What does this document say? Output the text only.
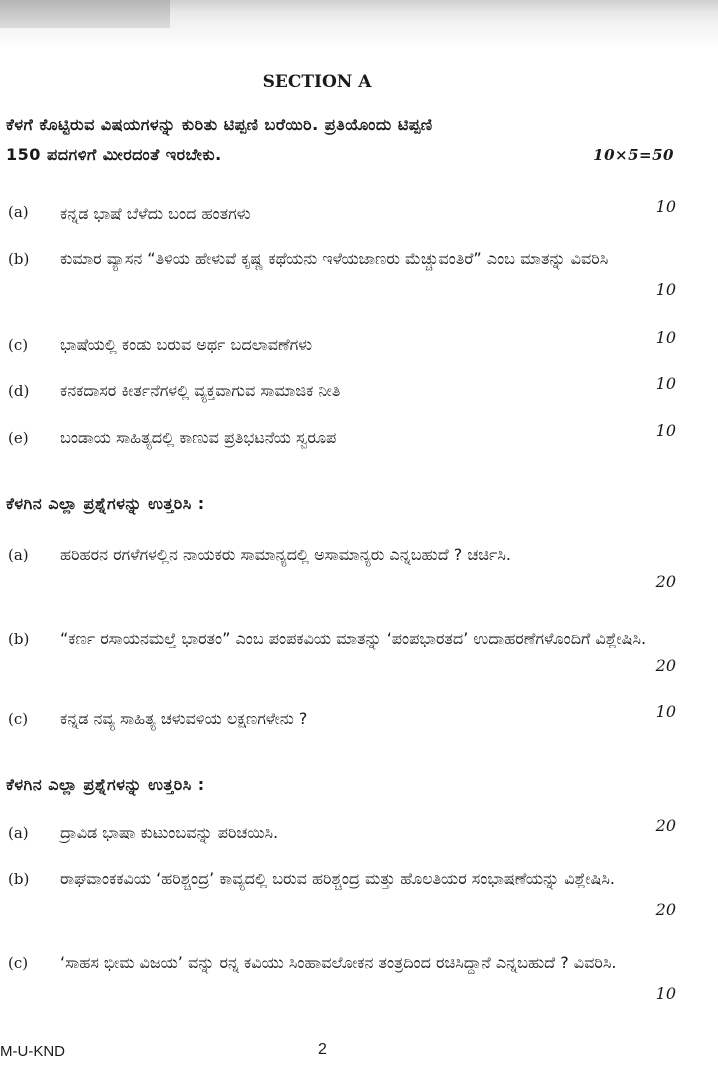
SECTION A
ಕೆಳಗೆ ಕೊಟ್ಟಿರುವ ವಿಷಯಗಳನ್ನು ಕುರಿತು ಟಿಪ್ಪಣಿ ಬರೆಯಿರಿ. ಪ್ರತಿಯೊಂದು ಟಿಪ್ಪಣಿ
150 ಪದಗಳಿಗೆ ಮೀರದಂತೆ ಇರಬೇಕು.	10×5=50
(a) ಕನ್ನಡ ಭಾಷೆ ಬೆಳೆದು ಬಂದ ಹಂತಗಳು	10
(b) ಕುಮಾರ ವ್ಯಾಸನ “ತಿಳಿಯ ಹೇಳುವೆ ಕೃಷ್ಣ ಕಥೆಯನು ಇಳೆಯಜಾಣರು ಮೆಚ್ಚುವಂತಿರೆ” ಎಂಬ ಮಾತನ್ನು ವಿವರಿಸಿ
10
(c) ಭಾಷೆಯಲ್ಲಿ ಕಂಡು ಬರುವ ಅರ್ಥ ಬದಲಾವಣೆಗಳು	10
(d) ಕನಕದಾಸರ ಕೀರ್ತನೆಗಳಲ್ಲಿ ವ್ಯಕ್ತವಾಗುವ ಸಾಮಾಜಿಕ ನೀತಿ	10
(e) ಬಂಡಾಯ ಸಾಹಿತ್ಯದಲ್ಲಿ ಕಾಣುವ ಪ್ರತಿಭಟನೆಯ ಸ್ವರೂಪ	10
ಕೆಳಗಿನ ಎಲ್ಲಾ ಪ್ರಶ್ನೆಗಳನ್ನು ಉತ್ತರಿಸಿ :
(a) ಹರಿಹರನ ರಗಳೆಗಳಲ್ಲಿನ ನಾಯಕರು ಸಾಮಾನ್ಯದಲ್ಲಿ ಅಸಾಮಾನ್ಯರು ಎನ್ನಬಹುದೆ ? ಚರ್ಚಿಸಿ.
20
(b) “ಕರ್ಣ ರಸಾಯನಮಲ್ತೆ ಭಾರತಂ” ಎಂಬ ಪಂಪಕವಿಯ ಮಾತನ್ನು ‘ಪಂಪಭಾರತದ’ ಉದಾಹರಣೆಗಳೊಂದಿಗೆ ವಿಶ್ಲೇಷಿಸಿ.
20
(c) ಕನ್ನಡ ನವ್ಯ ಸಾಹಿತ್ಯ ಚಳುವಳಿಯ ಲಕ್ಷಣಗಳೇನು ?	10
ಕೆಳಗಿನ ಎಲ್ಲಾ ಪ್ರಶ್ನೆಗಳನ್ನು ಉತ್ತರಿಸಿ :
(a) ದ್ರಾವಿಡ ಭಾಷಾ ಕುಟುಂಬವನ್ನು ಪರಿಚಯಿಸಿ.	20
(b) ರಾಘವಾಂಕಕವಿಯ ‘ಹರಿಶ್ಚಂದ್ರ’ ಕಾವ್ಯದಲ್ಲಿ ಬರುವ ಹರಿಶ್ಚಂದ್ರ ಮತ್ತು ಹೊಲತಿಯರ ಸಂಭಾಷಣೆಯನ್ನು ವಿಶ್ಲೇಷಿಸಿ.
20
(c) ‘ಸಾಹಸ ಭೀಮ ವಿಜಯ’ ವನ್ನು ರನ್ನ ಕವಿಯು ಸಿಂಹಾವಲೋಕನ ತಂತ್ರದಿಂದ ರಚಿಸಿದ್ದಾನೆ ಎನ್ನಬಹುದೆ ? ವಿವರಿಸಿ.
10
M-U-KND	2
